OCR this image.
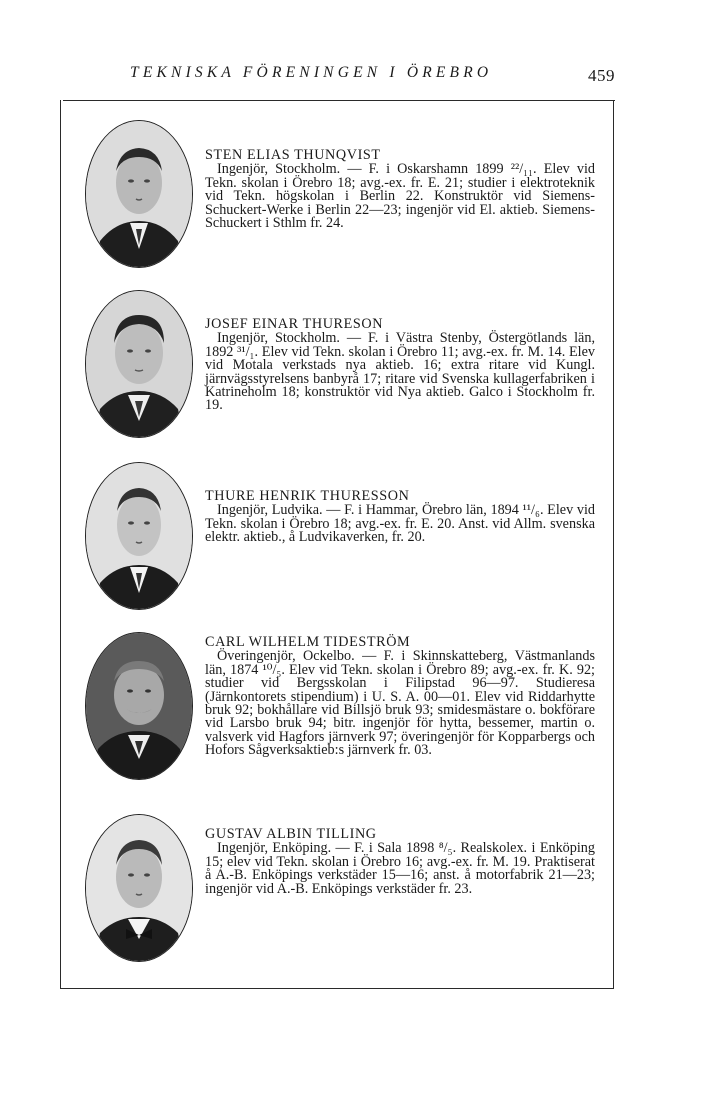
TEKNISKA FÖRENINGEN I ÖREBRO	459
STEN ELIAS THUNQVIST
Ingenjör, Stockholm. — F. i Oskarshamn 1899 ²²/₁₁. Elev vid Tekn. skolan i Örebro 18; avg.-ex. fr. E. 21; studier i elektroteknik vid Tekn. högskolan i Berlin 22. Konstruktör vid Siemens-Schuckert-Werke i Berlin 22—23; ingenjör vid El. aktieb. Siemens-Schuckert i Sthlm fr. 24.
JOSEF EINAR THURESON
Ingenjör, Stockholm. — F. i Västra Stenby, Östergötlands län, 1892 ³¹/₁. Elev vid Tekn. skolan i Örebro 11; avg.-ex. fr. M. 14. Elev vid Motala verkstads nya aktieb. 16; extra ritare vid Kungl. järnvägsstyrelsens banbyrå 17; ritare vid Svenska kullagerfabriken i Katrineholm 18; konstruktör vid Nya aktieb. Galco i Stockholm fr. 19.
THURE HENRIK THURESSON
Ingenjör, Ludvika. — F. i Hammar, Örebro län, 1894 ¹¹/₆. Elev vid Tekn. skolan i Örebro 18; avg.-ex. fr. E. 20. Anst. vid Allm. svenska elektr. aktieb., å Ludvikaverken, fr. 20.
CARL WILHELM TIDESTRÖM
Överingenjör, Ockelbo. — F. i Skinnskatteberg, Västmanlands län, 1874 ¹⁰/₅. Elev vid Tekn. skolan i Örebro 89; avg.-ex. fr. K. 92; studier vid Bergsskolan i Filipstad 96—97. Studieresa (Järnkontorets stipendium) i U. S. A. 00—01. Elev vid Riddarhytte bruk 92; bokhållare vid Billsjö bruk 93; smidesmästare o. bokförare vid Larsbo bruk 94; bitr. ingenjör för hytta, bessemer, martin o. valsverk vid Hagfors järnverk 97; överingenjör för Kopparbergs och Hofors Sågverksaktieb:s järnverk fr. 03.
GUSTAV ALBIN TILLING
Ingenjör, Enköping. — F. i Sala 1898 ⁸/₅. Realskolex. i Enköping 15; elev vid Tekn. skolan i Örebro 16; avg.-ex. fr. M. 19. Praktiserat å A.-B. Enköpings verkstäder 15—16; anst. å motorfabrik 21—23; ingenjör vid A.-B. Enköpings verkstäder fr. 23.
